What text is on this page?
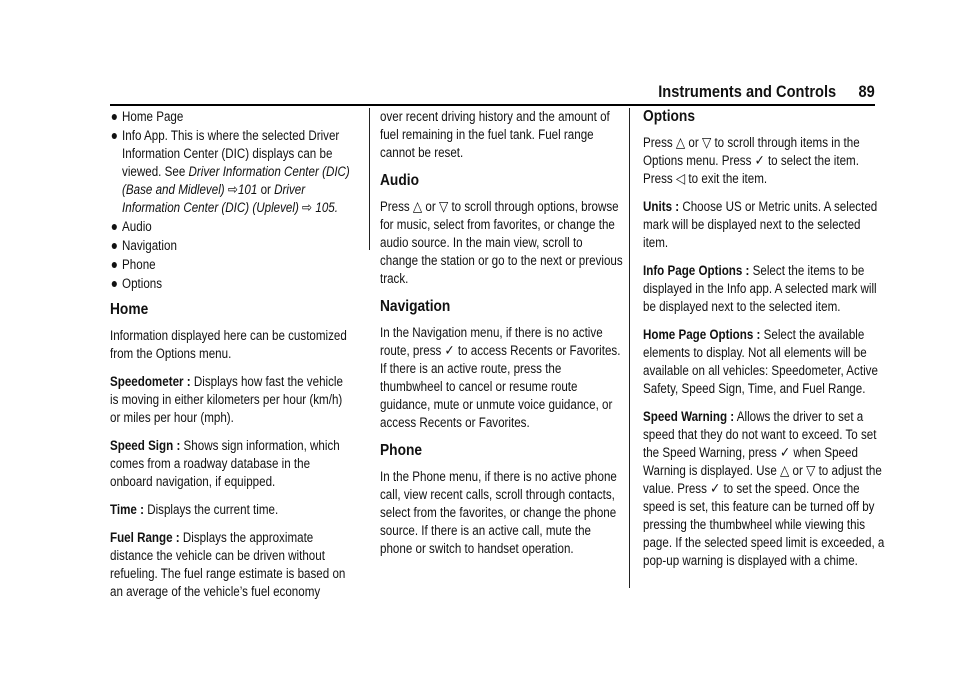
Instruments and Controls 89
Home Page
Info App. This is where the selected Driver Information Center (DIC) displays can be viewed. See Driver Information Center (DIC) (Base and Midlevel) ⇨101 or Driver Information Center (DIC) (Uplevel) ⇨ 105.
Audio
Navigation
Phone
Options
Home

Information displayed here can be customized from the Options menu.

Speedometer : Displays how fast the vehicle is moving in either kilometers per hour (km/h) or miles per hour (mph).

Speed Sign : Shows sign information, which comes from a roadway database in the onboard navigation, if equipped.

Time : Displays the current time.

Fuel Range : Displays the approximate distance the vehicle can be driven without refueling. The fuel range estimate is based on an average of the vehicle’s fuel economy

over recent driving history and the amount of fuel remaining in the fuel tank. Fuel range cannot be reset.

Audio

Press △ or ▽ to scroll through options, browse for music, select from favorites, or change the audio source. In the main view, scroll to change the station or go to the next or previous track.

Navigation

In the Navigation menu, if there is no active route, press ✓ to access Recents or Favorites. If there is an active route, press the thumbwheel to cancel or resume route guidance, mute or unmute voice guidance, or access Recents or Favorites.

Phone

In the Phone menu, if there is no active phone call, view recent calls, scroll through contacts, select from the favorites, or change the phone source. If there is an active call, mute the phone or switch to handset operation.

Options

Press △ or ▽ to scroll through items in the Options menu. Press ✓ to select the item. Press ◁ to exit the item.

Units : Choose US or Metric units. A selected mark will be displayed next to the selected item.

Info Page Options : Select the items to be displayed in the Info app. A selected mark will be displayed next to the selected item.

Home Page Options : Select the available elements to display. Not all elements will be available on all vehicles: Speedometer, Active Safety, Speed Sign, Time, and Fuel Range.

Speed Warning : Allows the driver to set a speed that they do not want to exceed. To set the Speed Warning, press ✓ when Speed Warning is displayed. Use △ or ▽ to adjust the value. Press ✓ to set the speed. Once the speed is set, this feature can be turned off by pressing the thumbwheel while viewing this page. If the selected speed limit is exceeded, a pop-up warning is displayed with a chime.
